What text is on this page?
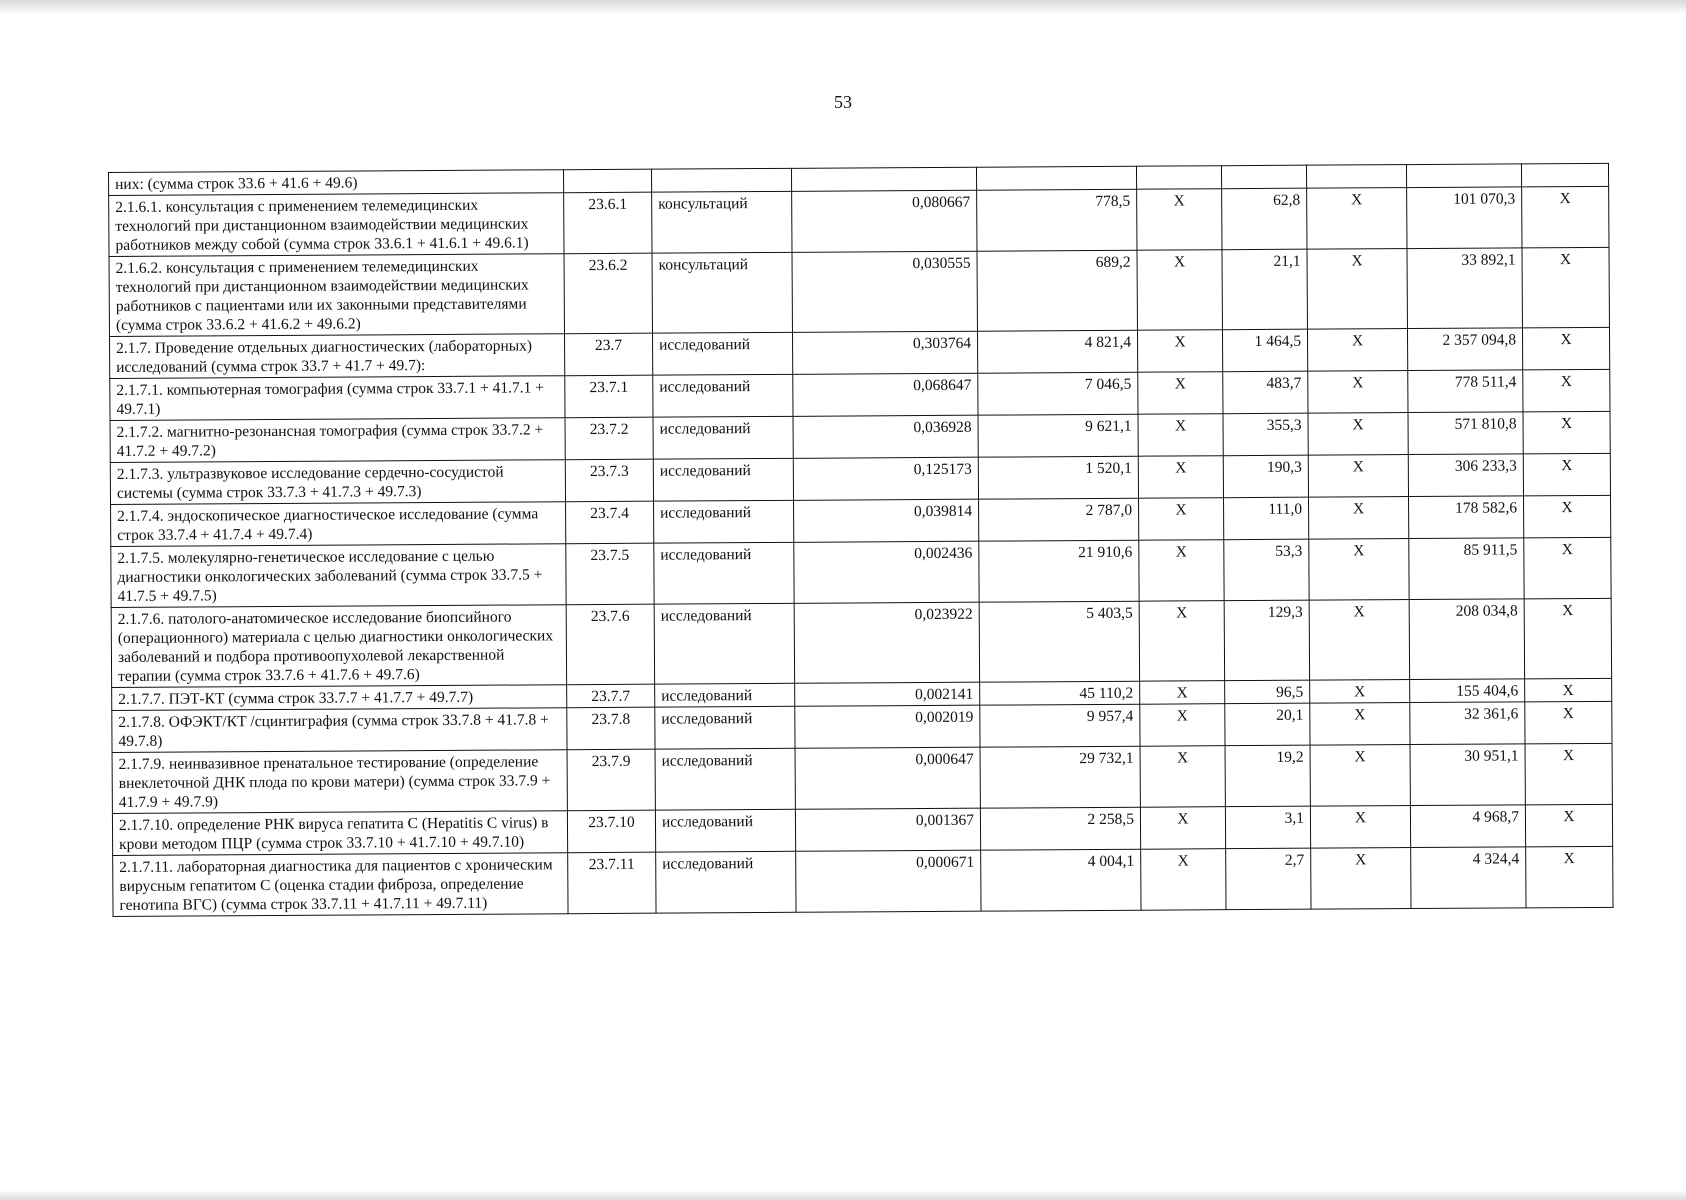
53
них: (сумма строк 33.6 + 41.6 + 49.6)									
2.1.6.1. консультация с применением телемедицинских технологий при дистанционном взаимодействии медицинских работников между собой (сумма строк 33.6.1 + 41.6.1 + 49.6.1)	23.6.1	консультаций	0,080667	778,5	X	62,8	X	101 070,3	X
2.1.6.2. консультация с применением телемедицинских технологий при дистанционном взаимодействии медицинских работников с пациентами или их законными представителями (сумма строк 33.6.2 + 41.6.2 + 49.6.2)	23.6.2	консультаций	0,030555	689,2	X	21,1	X	33 892,1	X
2.1.7. Проведение отдельных диагностических (лабораторных) исследований (сумма строк 33.7 + 41.7 + 49.7):	23.7	исследований	0,303764	4 821,4	X	1 464,5	X	2 357 094,8	X
2.1.7.1. компьютерная томография (сумма строк 33.7.1 + 41.7.1 + 49.7.1)	23.7.1	исследований	0,068647	7 046,5	X	483,7	X	778 511,4	X
2.1.7.2. магнитно-резонансная томография (сумма строк 33.7.2 + 41.7.2 + 49.7.2)	23.7.2	исследований	0,036928	9 621,1	X	355,3	X	571 810,8	X
2.1.7.3. ультразвуковое исследование сердечно-сосудистой системы (сумма строк 33.7.3 + 41.7.3 + 49.7.3)	23.7.3	исследований	0,125173	1 520,1	X	190,3	X	306 233,3	X
2.1.7.4. эндоскопическое диагностическое исследование (сумма строк 33.7.4 + 41.7.4 + 49.7.4)	23.7.4	исследований	0,039814	2 787,0	X	111,0	X	178 582,6	X
2.1.7.5. молекулярно-генетическое исследование с целью диагностики онкологических заболеваний (сумма строк 33.7.5 + 41.7.5 + 49.7.5)	23.7.5	исследований	0,002436	21 910,6	X	53,3	X	85 911,5	X
2.1.7.6. патолого-анатомическое исследование биопсийного (операционного) материала с целью диагностики онкологических заболеваний и подбора противоопухолевой лекарственной терапии (сумма строк 33.7.6 + 41.7.6 + 49.7.6)	23.7.6	исследований	0,023922	5 403,5	X	129,3	X	208 034,8	X
2.1.7.7. ПЭТ-КТ (сумма строк 33.7.7 + 41.7.7 + 49.7.7)	23.7.7	исследований	0,002141	45 110,2	X	96,5	X	155 404,6	X
2.1.7.8. ОФЭКТ/КТ /сцинтиграфия (сумма строк 33.7.8 + 41.7.8 + 49.7.8)	23.7.8	исследований	0,002019	9 957,4	X	20,1	X	32 361,6	X
2.1.7.9. неинвазивное пренатальное тестирование (определение внеклеточной ДНК плода по крови матери) (сумма строк 33.7.9 + 41.7.9 + 49.7.9)	23.7.9	исследований	0,000647	29 732,1	X	19,2	X	30 951,1	X
2.1.7.10. определение РНК вируса гепатита С (Hepatitis C virus) в крови методом ПЦР (сумма строк 33.7.10 + 41.7.10 + 49.7.10)	23.7.10	исследований	0,001367	2 258,5	X	3,1	X	4 968,7	X
2.1.7.11. лабораторная диагностика для пациентов с хроническим вирусным гепатитом С (оценка стадии фиброза, определение генотипа ВГС) (сумма строк 33.7.11 + 41.7.11 + 49.7.11)	23.7.11	исследований	0,000671	4 004,1	X	2,7	X	4 324,4	X
